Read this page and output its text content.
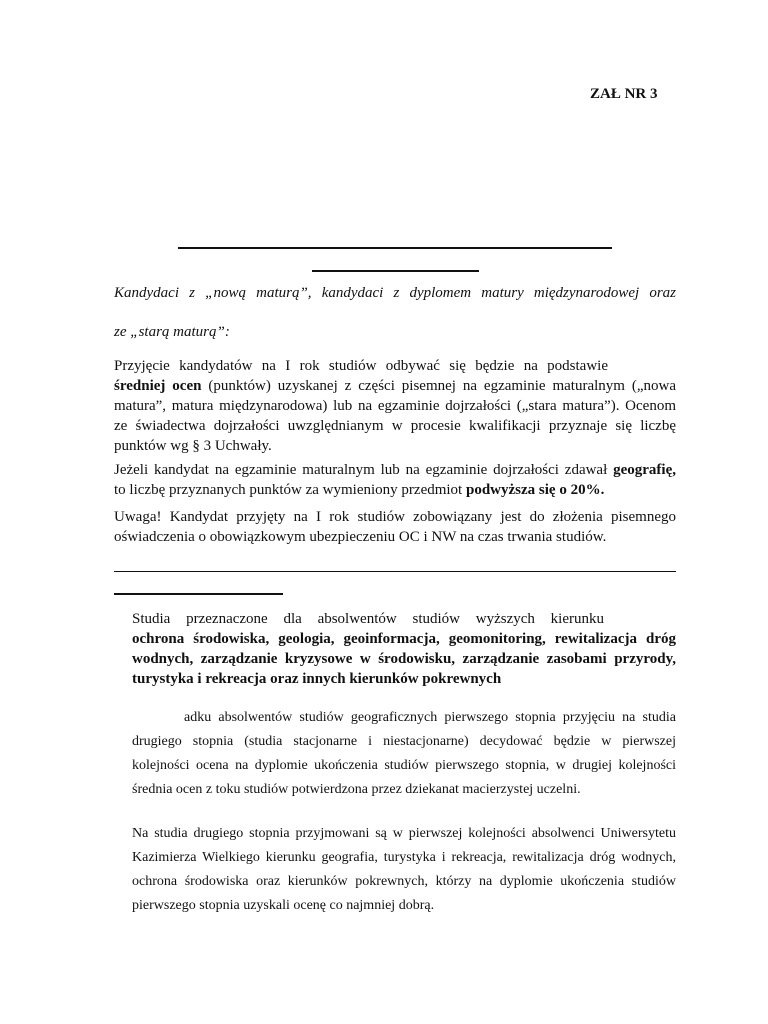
ZAŁ NR 3
Kandydaci z „nową maturą”, kandydaci z dyplomem matury międzynarodowej oraz
ze „starą maturą”:
Przyjęcie kandydatów na I rok studiów odbywać się będzie na podstawie
średniej ocen (punktów) uzyskanej z części pisemnej na egzaminie maturalnym („nowa
matura”, matura międzynarodowa) lub na egzaminie dojrzałości („stara matura”). Ocenom
ze świadectwa dojrzałości uwzględnianym w procesie kwalifikacji przyznaje się liczbę
punktów wg § 3 Uchwały.
Jeżeli kandydat na egzaminie maturalnym lub na egzaminie dojrzałości zdawał geografię,
to liczbę przyznanych punktów za wymieniony przedmiot podwyższa się o 20%.
Uwaga! Kandydat przyjęty na I rok studiów zobowiązany jest do złożenia pisemnego
oświadczenia o obowiązkowym ubezpieczeniu OC i NW na czas trwania studiów.
Studia przeznaczone dla absolwentów studiów wyższych kierunku
ochrona środowiska, geologia, geoinformacja, geomonitoring, rewitalizacja dróg
wodnych, zarządzanie kryzysowe w środowisku, zarządzanie zasobami przyrody,
turystyka i rekreacja oraz innych kierunków pokrewnych
adku absolwentów studiów geograficznych pierwszego stopnia przyjęciu na studia
drugiego stopnia (studia stacjonarne i niestacjonarne) decydować będzie w pierwszej
kolejności ocena na dyplomie ukończenia studiów pierwszego stopnia, w drugiej kolejności
średnia ocen z toku studiów potwierdzona przez dziekanat macierzystej uczelni.
Na studia drugiego stopnia przyjmowani są w pierwszej kolejności absolwenci Uniwersytetu
Kazimierza Wielkiego kierunku geografia, turystyka i rekreacja, rewitalizacja dróg wodnych,
ochrona środowiska oraz kierunków pokrewnych, którzy na dyplomie ukończenia studiów
pierwszego stopnia uzyskali ocenę co najmniej dobrą.
